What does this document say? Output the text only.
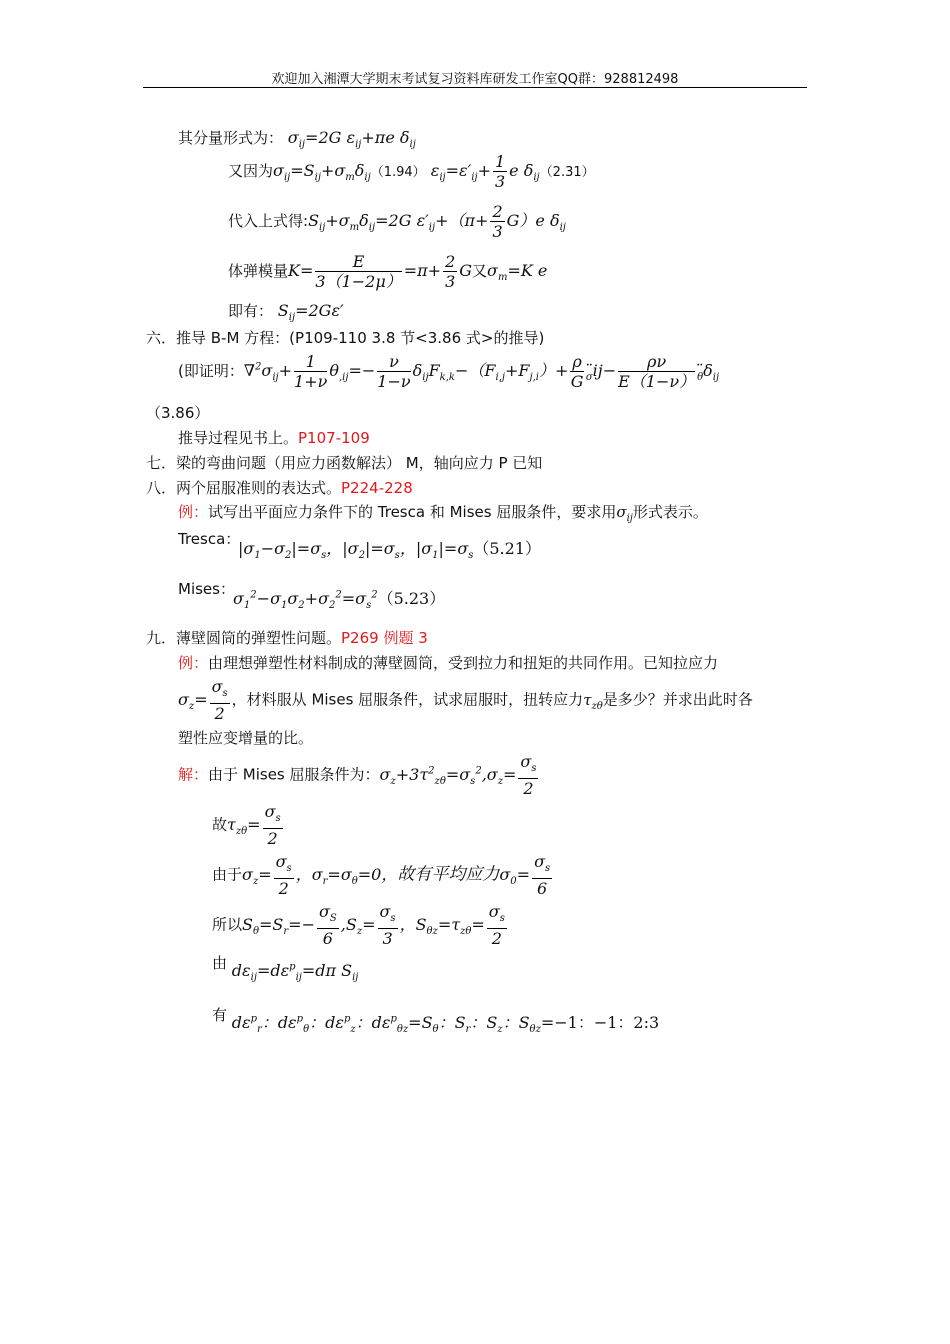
欢迎加入湘潭大学期末考试复习资料库研发工作室QQ群：928812498
其分量形式为： $\sigma_{ij}=2G$ $\varepsilon_{ij}+\pi e$ $\delta_{ij}$
又因为$\sigma_{ij}=S_{ij}+\sigma_m\delta_{ij}(1.94)$ $\varepsilon_{ij}=\varepsilon'_{ij}+ \frac{1}{3}$ e $\delta_{ij}(2.31)$
代入上式得$:S_{ij}+\sigma_m\delta_{ij}=2G$ $\varepsilon'_{ij}+(\pi+ \frac{2}{3} G)e$ $\delta_{ij}$
体弹模量$K= \frac{E}{3(1-2\mu)} =\pi+ \frac{2}{3}$ G又$\sigma_m=K$ e
即有： $S_{ij}=2G\varepsilon'$
六．推导 B-M 方程：(P109-110 3.8 节<3.86 式>的推导)
(即证明：$\nabla^2\sigma_{ij}+ \frac{1}{1+\nu} \theta_{,ij}=- \frac{\nu}{1-\nu} \delta_{ij}F_{k,k}-(F_{i,j}+F_{j,i})+ \frac{\rho}{G}$ $_\sigma$̈ij− $\frac{\rho\nu}{E(1-\nu)}$ $_\thetä\delta_{ij}$
（3.86）
推导过程见书上。P107-109
七．梁的弯曲问题（用应力函数解法） M，轴向应力 P 已知
八．两个屈服准则的表达式。P224-228
例：试写出平面应力条件下的 Tresca 和 Mises 屈服条件，要求用$\sigma_{ij}$形式表示。
Tresca：
$|\sigma_1-\sigma_2|=\sigma_s$，$|\sigma_2|=\sigma_s$，$|\sigma_1|=\sigma_s(5.21)$
Mises：
$\sigma_1^2-\sigma_1\sigma_2+\sigma_2^2=\sigma_s^2(5.23)$
九．薄壁圆筒的弹塑性问题。P269 例题 3
例：由理想弹塑性材料制成的薄壁圆筒，受到拉力和扭矩的共同作用。已知拉应力
$\sigma_z= \frac{\sigma_s}{2}$ ，材料服从 Mises 屈服条件，试求屈服时，扭转应力$\tau_{z\theta}$是多少？并求出此时各
塑性应变增量的比。
解：由于 Mises 屈服条件为：$\sigma_z+3\tau^2_{z\theta}=\sigma_s^2,\sigma_z= \frac{\sigma_s}{2}$
故$\tau_{z\theta}= \frac{\sigma_s}{2}$
由于$\sigma_z= \frac{\sigma_s}{2}$ ，$\sigma_r=\sigma_\theta=0$，故有平均应力$\sigma_0= \frac{\sigma_s}{6}$
所以$S_\theta=S_r=- \frac{\sigma_S}{6} ,S_z= \frac{\sigma_s}{3}$ ，$S_{\theta z}=\tau_{z\theta}= \frac{\sigma_s}{2}$
由 $d\varepsilon_{ij}=d\varepsilon^p_{ij}=d\pi$ $S_{ij}$
有 $d\varepsilon^p_r$：$d\varepsilon^p_\theta$：$d\varepsilon^p_z$：$d\varepsilon^p_{\theta z}=S_\theta$：$S_r$：$S_z$：$S_{\theta z}=-1$：−1：2:3
